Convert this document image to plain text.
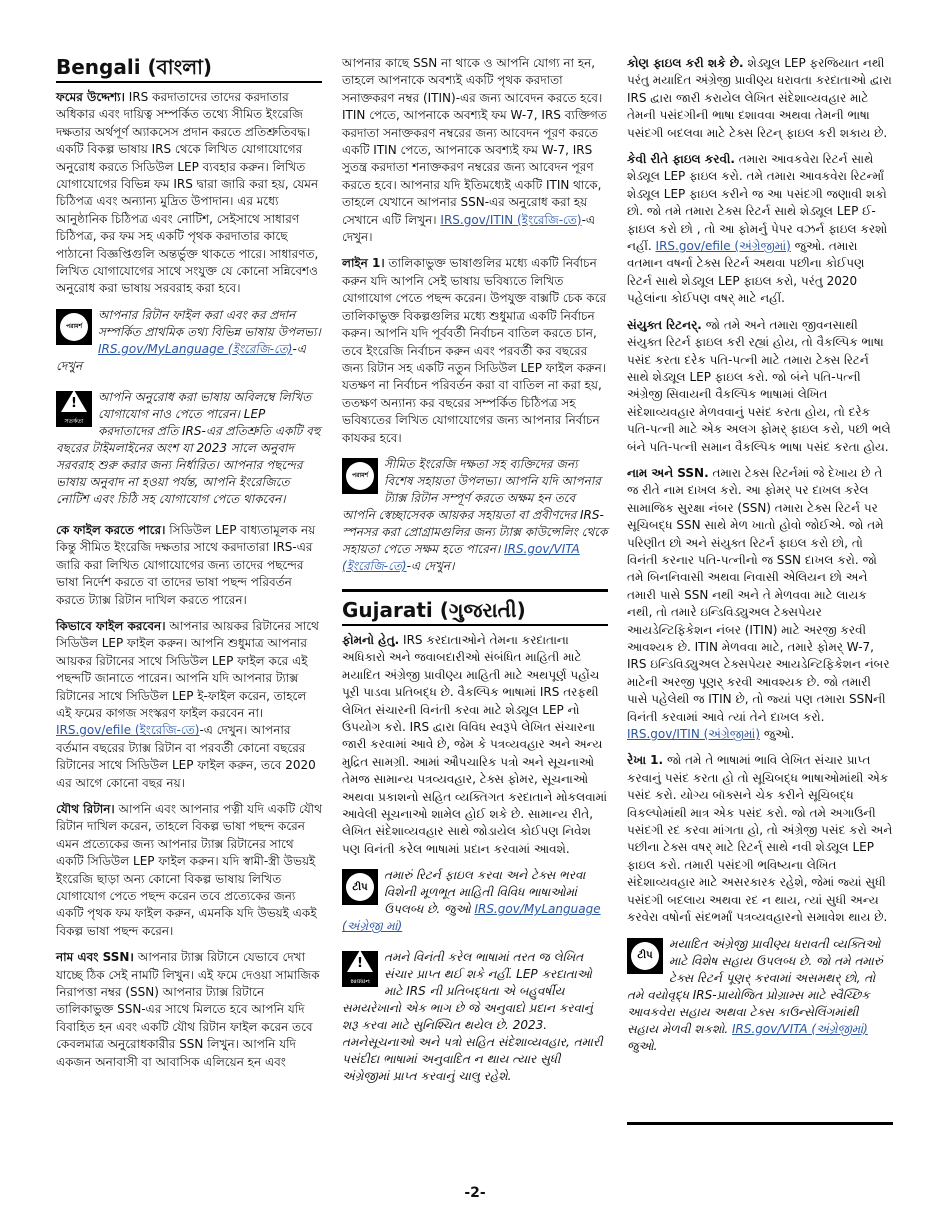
Bengali (বাংলা)

ফমের উদ্দেশ্য। IRS করদাতাদের তাদের করদাতার অধিকার এবং দায়িত্ব সম্পর্কিত তথ্যে সীমিত ইংরেজি দক্ষতার অর্থপূর্ণ অ্যাকসেস প্রদান করতে প্রতিশ্রুতিবদ্ধ। একটি বিকল্প ভাষায় IRS থেকে লিখিত যোগাযোগের অনুরোধ করতে সিডিউল LEP ব্যবহার করুন। লিখিত যোগাযোগের বিভিন্ন ফম IRS দ্বারা জারি করা হয়, যেমন চিঠিপত্র এবং অন্যান্য মুদ্রিত উপাদান। এর মধ্যে আনুষ্ঠানিক চিঠিপত্র এবং নোটিশ, সেইসাথে সাধারণ চিঠিপত্র, কর ফম সহ একটি পৃথক করদাতার কাছে পাঠানো বিজ্ঞপ্তিগুলি অন্তর্ভুক্ত থাকতে পারে। সাধারণত, লিখিত যোগাযোগের সাথে সংযুক্ত যে কোনো সন্নিবেশও অনুরোধ করা ভাষায় সরবরাহ করা হবে।

পরামর্শ
আপনার রিটান ফাইল করা এবং কর প্রদান সম্পর্কিত প্রাথমিক তথ্য বিভিন্ন ভাষায় উপলভ্য। IRS.gov/MyLanguage (ইংরেজি-তে)-এ দেখুন
!
সতর্কতা
আপনি অনুরোধ করা ভাষায় অবিলম্বে লিখিত যোগাযোগ নাও পেতে পারেন। LEP করদাতাদের প্রতি IRS-এর প্রতিশ্রুতি একটি বহু বছরের টাইমলাইনের অংশ যা 2023 সালে অনুবাদ সরবরাহ শুরু করার জন্য নির্ধারিত। আপনার পছন্দের ভাষায় অনুবাদ না হওয়া পর্যন্ত, আপনি ইংরেজিতে নোটিশ এবং চিঠি সহ যোগাযোগ পেতে থাকবেন।

কে ফাইল করতে পারে। সিডিউল LEP বাধ্যতামূলক নয় কিন্তু সীমিত ইংরেজি দক্ষতার সাথে করদাতারা IRS-এর জারি করা লিখিত যোগাযোগের জন্য তাদের পছন্দের ভাষা নির্দেশ করতে বা তাদের ভাষা পছন্দ পরিবর্তন করতে ট্যাক্স রিটান দাখিল করতে পারেন।

কিভাবে ফাইল করবেন। আপনার আয়কর রিটানের সাথে সিডিউল LEP ফাইল করুন। আপনি শুধুমাত্র আপনার আয়কর রিটানের সাথে সিডিউল LEP ফাইল করে এই পছন্দটি জানাতে পারেন। আপনি যদি আপনার ট্যাক্স রিটানের সাথে সিডিউল LEP ই-ফাইল করেন, তাহলে এই ফমের কাগজ সংস্করণ ফাইল করবেন না। IRS.gov/efile (ইংরেজি-তে)-এ দেখুন। আপনার বর্তমান বছরের ট্যাক্স রিটান বা পরবর্তী কোনো বছরের রিটানের সাথে সিডিউল LEP ফাইল করুন, তবে 2020 এর আগে কোনো বছর নয়।

যৌথ রিটান। আপনি এবং আপনার পত্নী যদি একটি যৌথ রিটান দাখিল করেন, তাহলে বিকল্প ভাষা পছন্দ করেন এমন প্রত্যেকের জন্য আপনার ট্যাক্স রিটানের সাথে একটি সিডিউল LEP ফাইল করুন। যদি স্বামী-স্ত্রী উভয়ই ইংরেজি ছাড়া অন্য কোনো বিকল্প ভাষায় লিখিত যোগাযোগ পেতে পছন্দ করেন তবে প্রত্যেকের জন্য একটি পৃথক ফম ফাইল করুন, এমনকি যদি উভয়ই একই বিকল্প ভাষা পছন্দ করেন।

নাম এবং SSN। আপনার ট্যাক্স রিটানে যেভাবে দেখা যাচ্ছে ঠিক সেই নামটি লিখুন। এই ফমে দেওয়া সামাজিক নিরাপত্তা নম্বর (SSN) আপনার ট্যাক্স রিটানে তালিকাভুক্ত SSN-এর সাথে মিলতে হবে আপনি যদি বিবাহিত হন এবং একটি যৌথ রিটান ফাইল করেন তবে কেবলমাত্র অনুরোধকারীর SSN লিখুন। আপনি যদি একজন অনাবাসী বা আবাসিক এলিয়েন হন এবং

আপনার কাছে SSN না থাকে ও আপনি যোগ্য না হন, তাহলে আপনাকে অবশ্যই একটি পৃথক করদাতা সনাক্তকরণ নম্বর (ITIN)-এর জন্য আবেদন করতে হবে। ITIN পেতে, আপনাকে অবশ্যই ফম W-7, IRS ব্যক্তিগত করদাতা সনাক্তকরণ নম্বরের জন্য আবেদন পূরণ করতে একটি ITIN পেতে, আপনাকে অবশ্যই ফম W-7, IRS সুতন্ত্র করদাতা শনাক্তকরণ নম্বরের জন্য আবেদন পূরণ করতে হবে। আপনার যদি ইতিমধ্যেই একটি ITIN থাকে, তাহলে যেখানে আপনার SSN-এর অনুরোধ করা হয় সেখানে এটি লিখুন। IRS.gov/ITIN (ইংরেজি-তে)-এ দেখুন।

লাইন 1। তালিকাভুক্ত ভাষাগুলির মধ্যে একটি নির্বাচন করুন যদি আপনি সেই ভাষায় ভবিষ্যতে লিখিত যোগাযোগ পেতে পছন্দ করেন। উপযুক্ত বাক্সটি চেক করে তালিকাভুক্ত বিকল্পগুলির মধ্যে শুধুমাত্র একটি নির্বাচন করুন। আপনি যদি পূর্ববর্তী নির্বাচন বাতিল করতে চান, তবে ইংরেজি নির্বাচন করুন এবং পরবর্তী কর বছরের জন্য রিটান সহ একটি নতুন সিডিউল LEP ফাইল করুন। যতক্ষণ না নির্বাচন পরিবর্তন করা বা বাতিল না করা হয়, ততক্ষণ অন্যান্য কর বছরের সম্পর্কিত চিঠিপত্র সহ ভবিষ্যতের লিখিত যোগাযোগের জন্য আপনার নির্বাচন কাযকর হবে।

পরামর্শ
সীমিত ইংরেজি দক্ষতা সহ ব্যক্তিদের জন্য বিশেষ সহায়তা উপলভ্য। আপনি যদি আপনার ট্যাক্স রিটান সম্পূর্ণ করতে অক্ষম হন তবে আপনি স্বেচ্ছাসেবক আয়কর সহায়তা বা প্রবীণদের IRS-স্পনসর করা প্রোগ্রামগুলির জন্য ট্যাক্স কাউন্সেলিং থেকে সহায়তা পেতে সক্ষম হতে পারেন। IRS.gov/VITA (ইংরেজি-তে)-এ দেখুন।
Gujarati (ગુજરાતી)

ફોમનો હેતુ. IRS કરદાતાઓને તેમના કરદાતાના અધિકારો અને જવાબદારીઓ સંબંધિત માહિતી માટે મયાદિત અંગ્રેજી પ્રાવીણ્ય માહિતી માટે અથપૂર્ણ પહોંચ પૂરી પાડવા પ્રતિબદ્ધ છે. વૈકલ્પિક ભાષામાં IRS તરફથી લેખિત સંચારની વિનંતી કરવા માટે શેડ્યૂલ LEP નો ઉપયોગ કરો. IRS દ્વારા વિવિધ સ્વરૂપે લેખિત સંચારના જારી કરવામાં આવે છે, જેમ કે પત્રવ્યવહાર અને અન્ય મુદ્રિત સામગ્રી. આમાં ઔપચારિક પત્રો અને સૂચનાઓ તેમજ સામાન્ય પત્રવ્યવહાર, ટેક્સ ફોમર, સૂચનાઓ અથવા પ્રકાશનો સહિત વ્યક્તિગત કરદાતાને મોકલવામાં આવેલી સૂચનાઓ શામેલ હોઈ શકે છે. સામાન્ય રીતે, લેખિત સંદેશાવ્યવહાર સાથે જોડાયેલ કોઈપણ નિવેશ પણ વિનંતી કરેલ ભાષામાં પ્રદાન કરવામાં આવશે.

ટીપ
તમારું રિટર્ન ફાઇલ કરવા અને ટેક્સ ભરવા વિશેની મૂળભૂત માહિતી વિવિધ ભાષાઓમાં ઉપલબ્ધ છે. જુઓ IRS.gov/MyLanguage (અંગ્રેજી માં)
!
સાવધાન
તમને વિનંતી કરેલ ભાષામાં તરત જ લેખિત સંચાર પ્રાપ્ત થઈ શકે નહીં. LEP કરદાતાઓ માટે IRS ની પ્રતિબદ્ધતા એ બહુવર્ષીય સમયરેખાનો એક ભાગ છે જે અનુવાદો પ્રદાન કરવાનું શરૂ કરવા માટે સુનિશ્ચિત થયેલ છે. 2023. તમનેસૂચનાઓ અને પત્રો સહિત સંદેશાવ્યવહાર, તમારી પસંદીદા ભાષામાં અનુવાદિત ન થાય ત્યાર સુધી અંગ્રેજીમાં પ્રાપ્ત કરવાનું ચાલુ રહેશે.

કોણ ફાઇલ કરી શકે છે. શેડ્યૂલ LEP ફરજિયાત નથી પરંતુ મયાદિત અંગ્રેજી પ્રાવીણ્ય ધરાવતા કરદાતાઓ દ્વારા IRS દ્વારા જારી કરાયેલ લેખિત સંદેશાવ્યવહાર માટે તેમની પસંદગીની ભાષા દશાવવા અથવા તેમની ભાષા પસંદગી બદલવા માટે ટેક્સ રિટન્ ફાઇલ કરી શકાય છે.

કેવી રીતે ફાઇલ કરવી. તમારા આવકવેરા રિટર્ન સાથે શેડ્યૂલ LEP ફાઇલ કરો. તમે તમારા આવકવેરા રિટર્ન્માં શેડ્યૂલ LEP ફાઇલ કરીને જ આ પસંદગી જણાવી શકો છો. જો તમે તમારા ટેક્સ રિટર્ન સાથે શેડ્યૂલ LEP ઈ-ફાઇલ કરો છો , તો આ ફોમર્નુ પેપર વઝર્ન ફાઇલ કરશો નહીં. IRS.gov/efile (અંગ્રેજીમાં) જુઓ. તમારા વતમાન વષર્ના ટેક્સ રિટર્ન અથવા પછીના કોઈપણ રિટર્ન સાથે શેડ્યૂલ LEP ફાઇલ કરો, પરંતુ 2020 પહેલાંના કોઈપણ વષર્ માટે નહીં.

સંયુક્ત રિટનર્. જો તમે અને તમારા જીવનસાથી સંયુક્ત રિટર્ન ફાઇલ કરી રહ્યાં હોય, તો વૈકલ્પિક ભાષા પસંદ કરતા દરેક પતિ-પત્ની માટે તમારા ટેક્સ રિટર્ન સાથે શેડ્યૂલ LEP ફાઇલ કરો. જો બંને પતિ-પત્ની અંગ્રેજી સિવાયની વૈકલ્પિક ભાષામાં લેખિત સંદેશાવ્યવહાર મેળવવાનું પસંદ કરતા હોય, તો દરેક પતિ-પત્ની માટે એક અલગ ફોમર્ ફાઇલ કરો, પછી ભલે બંને પતિ-પત્ની સમાન વૈકલ્પિક ભાષા પસંદ કરતા હોય.

નામ અને SSN. તમારા ટેક્સ રિટર્નમાં જે દેખાય છે તે જ રીતે નામ દાખલ કરો. આ ફોમર્ પર દાખલ કરેલ સામાજિક સુરક્ષા નંબર (SSN) તમારા ટેક્સ રિટર્ન પર સૂચિબદ્ધ SSN સાથે મેળ ખાતો હોવો જોઈએ. જો તમે પરિણીત છો અને સંયુક્ત રિટર્ન ફાઇલ કરો છો, તો વિનંતી કરનાર પતિ-પત્નીનો જ SSN દાખલ કરો. જો તમે બિનનિવાસી અથવા નિવાસી એલિયન છો અને તમારી પાસે SSN નથી અને તે મેળવવા માટે લાયક નથી, તો તમારે ઇન્ડિવિડ્યુઅલ ટેક્સપેયર આયડેન્ટિફિકેશન નંબર (ITIN) માટે અરજી કરવી આવશ્યક છે. ITIN મેળવવા માટે, તમારે ફોમર્ W-7, IRS ઇન્ડિવિડ્યુઅલ ટેક્સપેયર આયડેન્ટિફિકેશન નંબર માટેની અરજી પૂણર્ કરવી આવશ્યક છે. જો તમારી પાસે પહેલેથી જ ITIN છે, તો જ્યાં પણ તમારા SSNની વિનંતી કરવામાં આવે ત્યાં તેને દાખલ કરો. IRS.gov/ITIN (અંગ્રેજીમાં) જુઓ.

રેખા 1. જો તમે તે ભાષામાં ભાવિ લેખિત સંચાર પ્રાપ્ત કરવાનું પસંદ કરતા હો તો સૂચિબદ્ધ ભાષાઓમાંથી એક પસંદ કરો. યોગ્ય બૉક્સને ચેક કરીને સૂચિબદ્ધ વિકલ્પોમાંથી માત્ર એક પસંદ કરો. જો તમે અગાઉની પસંદગી રદ કરવા માંગતા હો, તો અંગ્રેજી પસંદ કરો અને પછીના ટેક્સ વષર્ માટે રિટર્ન્ સાથે નવી શેડ્યૂલ LEP ફાઇલ કરો. તમારી પસંદગી ભવિષ્યના લેખિત સંદેશાવ્યવહાર માટે અસરકારક રહેશે, જેમાં જ્યાં સુધી પસંદગી બદલાય અથવા રદ ન થાય, ત્યાં સુધી અન્ય કરવેરા વષોર્ના સંદભર્માં પત્રવ્યવહારનો સમાવેશ થાય છે.

ટીપ
મયાદિત અંગ્રેજી પ્રાવીણ્ય ધરાવતી વ્યક્તિઓ માટે વિશેષ સહાય ઉપલબ્ધ છે. જો તમે તમારું ટેક્સ રિટર્ન પૂણર્ કરવામાં અસમથર્ છો, તો તમે વયોવૃદ્ધ IRS-પ્રાયોજિત પ્રોગ્રામ્સ માટે સ્વૈચ્છિક આવકવેરા સહાય અથવા ટેક્સ કાઉન્સેલિંગમાંથી સહાય મેળવી શકશો. IRS.gov/VITA (અંગ્રેજીમાં) જુઓ.
-2-
